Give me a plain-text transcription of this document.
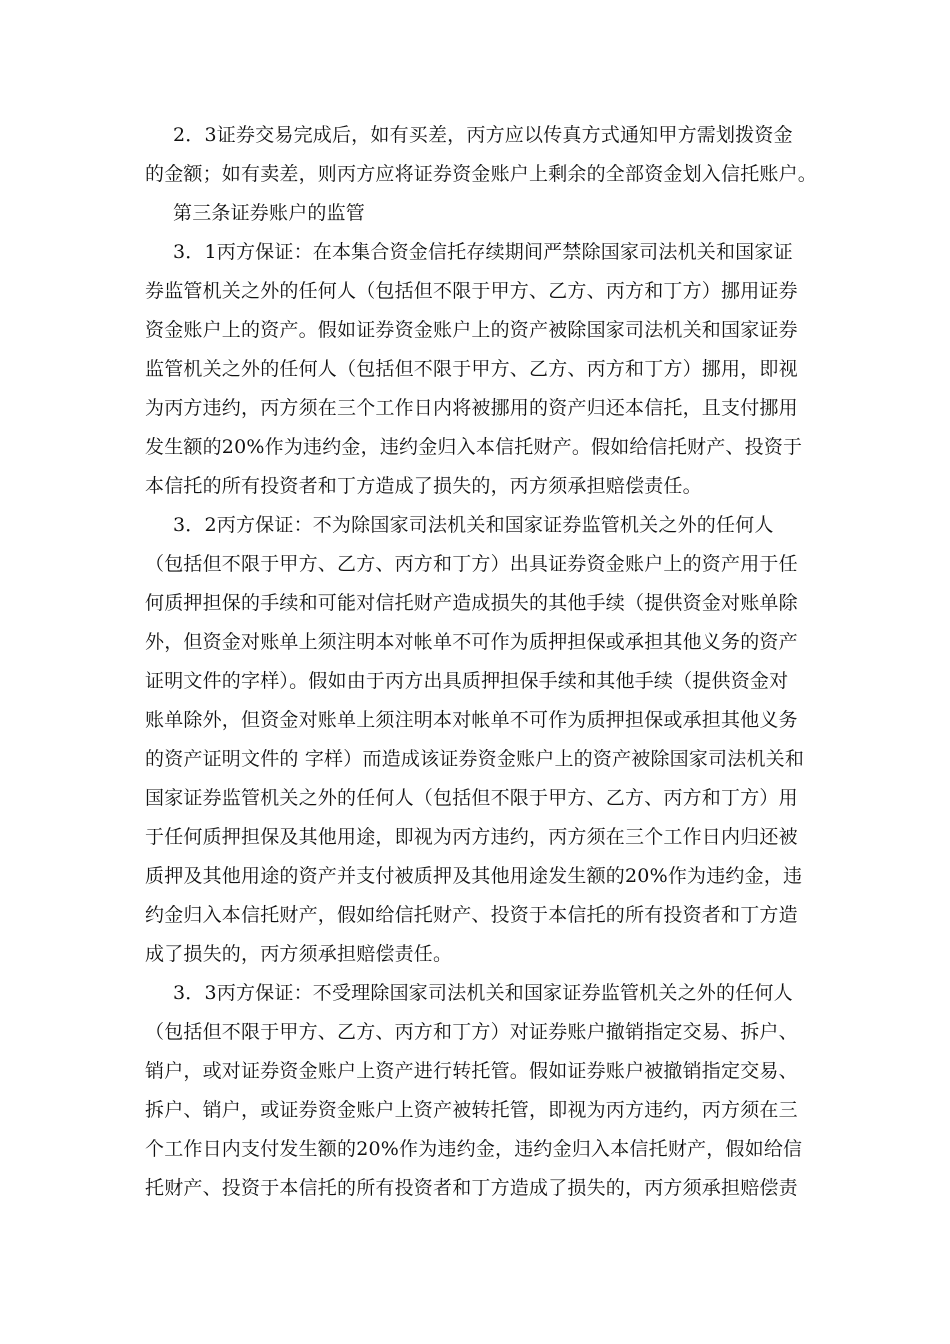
2．3证券交易完成后，如有买差，丙方应以传真方式通知甲方需划拨资金
的金额；如有卖差，则丙方应将证券资金账户上剩余的全部资金划入信托账户。
第三条证券账户的监管
3．1丙方保证：在本集合资金信托存续期间严禁除国家司法机关和国家证
券监管机关之外的任何人（包括但不限于甲方、乙方、丙方和丁方）挪用证券
资金账户上的资产。假如证券资金账户上的资产被除国家司法机关和国家证券
监管机关之外的任何人（包括但不限于甲方、乙方、丙方和丁方）挪用，即视
为丙方违约，丙方须在三个工作日内将被挪用的资产归还本信托，且支付挪用
发生额的20%作为违约金，违约金归入本信托财产。假如给信托财产、投资于
本信托的所有投资者和丁方造成了损失的，丙方须承担赔偿责任。
3．2丙方保证：不为除国家司法机关和国家证券监管机关之外的任何人
（包括但不限于甲方、乙方、丙方和丁方）出具证券资金账户上的资产用于任
何质押担保的手续和可能对信托财产造成损失的其他手续（提供资金对账单除
外，但资金对账单上须注明本对帐单不可作为质押担保或承担其他义务的资产
证明文件的字样）。假如由于丙方出具质押担保手续和其他手续（提供资金对
账单除外，但资金对账单上须注明本对帐单不可作为质押担保或承担其他义务
的资产证明文件的 字样）而造成该证券资金账户上的资产被除国家司法机关和
国家证券监管机关之外的任何人（包括但不限于甲方、乙方、丙方和丁方）用
于任何质押担保及其他用途，即视为丙方违约，丙方须在三个工作日内归还被
质押及其他用途的资产并支付被质押及其他用途发生额的20%作为违约金，违
约金归入本信托财产，假如给信托财产、投资于本信托的所有投资者和丁方造
成了损失的，丙方须承担赔偿责任。
3．3丙方保证：不受理除国家司法机关和国家证券监管机关之外的任何人
（包括但不限于甲方、乙方、丙方和丁方）对证券账户撤销指定交易、拆户、
销户，或对证券资金账户上资产进行转托管。假如证券账户被撤销指定交易、
拆户、销户，或证券资金账户上资产被转托管，即视为丙方违约，丙方须在三
个工作日内支付发生额的20%作为违约金，违约金归入本信托财产，假如给信
托财产、投资于本信托的所有投资者和丁方造成了损失的，丙方须承担赔偿责
